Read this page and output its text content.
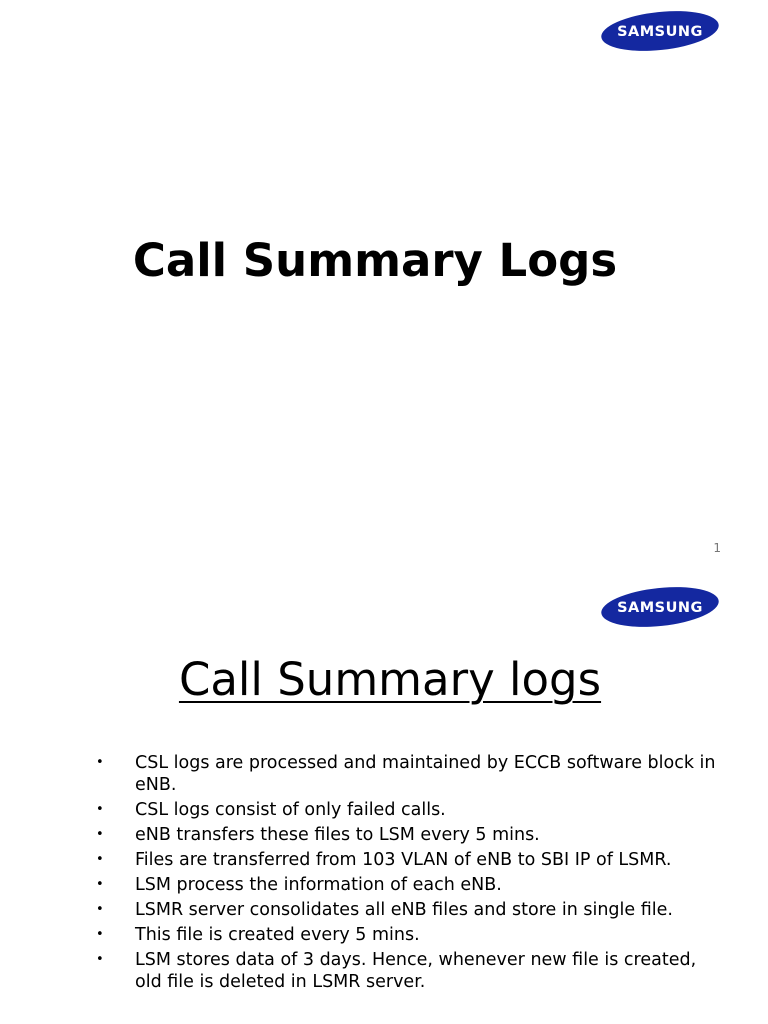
SAMSUNG
Call Summary Logs
1
SAMSUNG
Call Summary logs
• CSL logs are processed and maintained by ECCB software block in eNB.
• CSL logs consist of only failed calls.
• eNB transfers these files to LSM every 5 mins.
• Files are transferred from 103 VLAN of eNB to SBI IP of LSMR.
• LSM process the information of each eNB.
• LSMR server consolidates all eNB files and store in single file.
• This file is created every 5 mins.
• LSM stores data of 3 days. Hence, whenever new file is created, old file is deleted in LSMR server.
